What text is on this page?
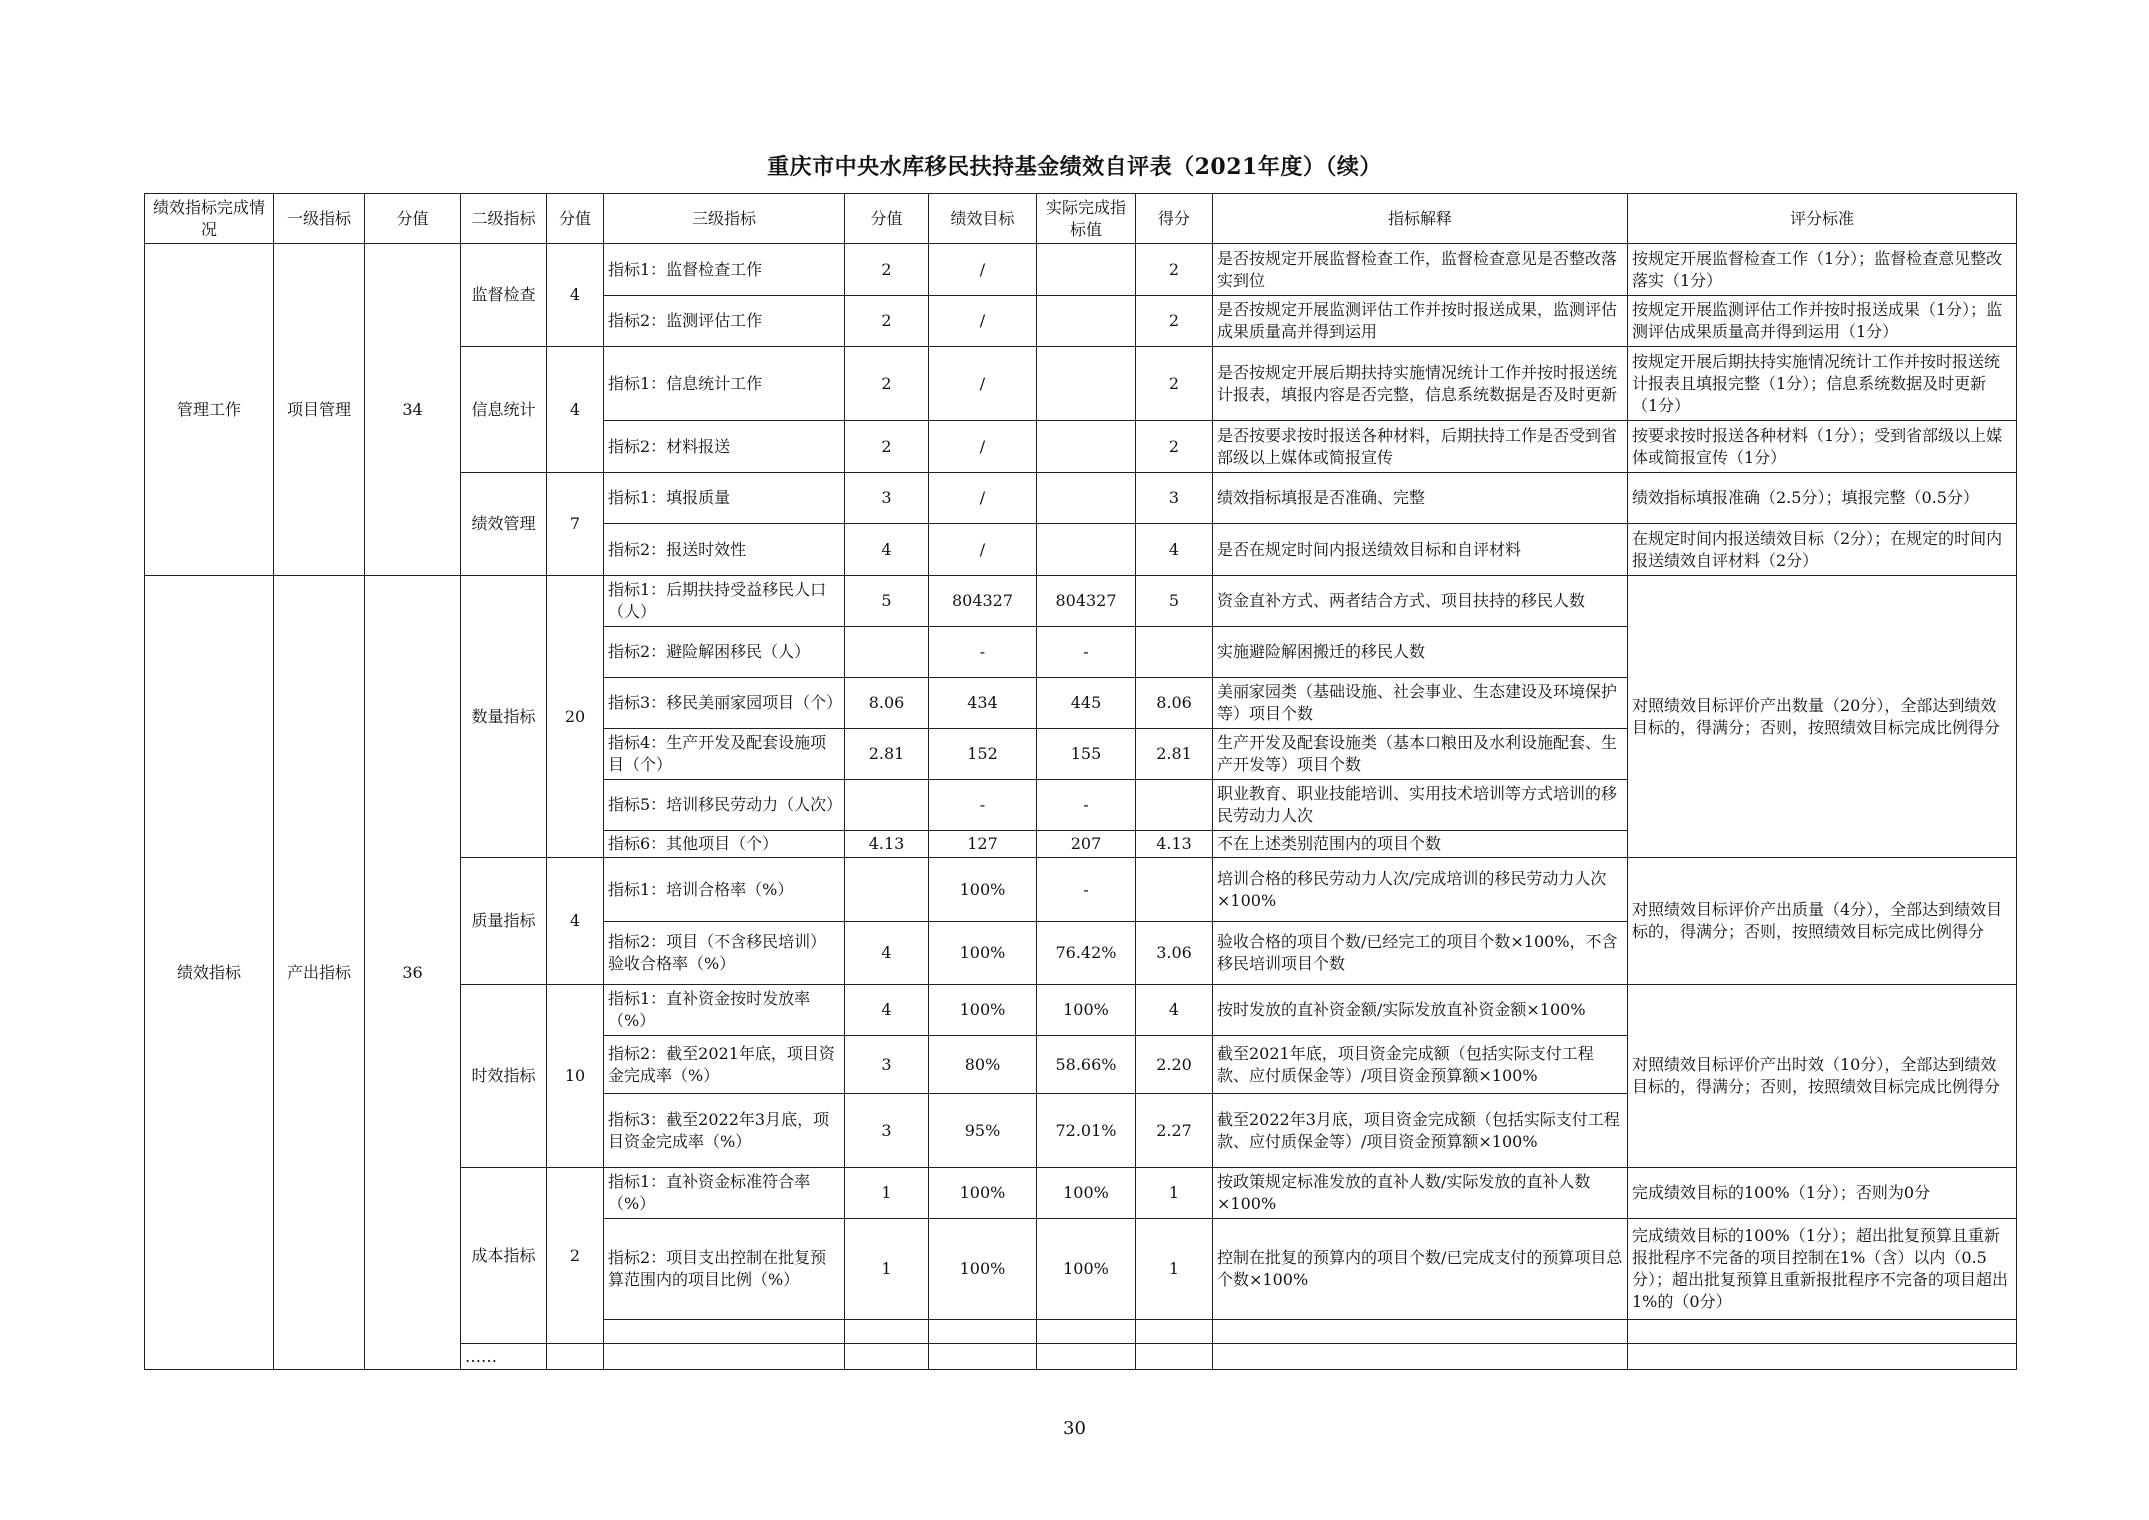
重庆市中央水库移民扶持基金绩效自评表（2021年度）（续）
绩效指标完成情况	一级指标	分值	二级指标	分值	三级指标	分值	绩效目标	实际完成指标值	得分	指标解释	评分标准
管理工作	项目管理	34	监督检查	4	指标1：监督检查工作	2	/		2	是否按规定开展监督检查工作，监督检查意见是否整改落实到位	按规定开展监督检查工作（1分）；监督检查意见整改落实（1分）
					指标2：监测评估工作	2	/		2	是否按规定开展监测评估工作并按时报送成果，监测评估成果质量高并得到运用	按规定开展监测评估工作并按时报送成果（1分）；监测评估成果质量高并得到运用（1分）
			信息统计	4	指标1：信息统计工作	2	/		2	是否按规定开展后期扶持实施情况统计工作并按时报送统计报表，填报内容是否完整，信息系统数据是否及时更新	按规定开展后期扶持实施情况统计工作并按时报送统计报表且填报完整（1分）；信息系统数据及时更新（1分）
					指标2：材料报送	2	/		2	是否按要求按时报送各种材料，后期扶持工作是否受到省部级以上媒体或简报宣传	按要求按时报送各种材料（1分）；受到省部级以上媒体或简报宣传（1分）
			绩效管理	7	指标1：填报质量	3	/		3	绩效指标填报是否准确、完整	绩效指标填报准确（2.5分）；填报完整（0.5分）
					指标2：报送时效性	4	/		4	是否在规定时间内报送绩效目标和自评材料	在规定时间内报送绩效目标（2分）；在规定的时间内报送绩效自评材料（2分）
绩效指标	产出指标	36	数量指标	20	指标1：后期扶持受益移民人口（人）	5	804327	804327	5	资金直补方式、两者结合方式、项目扶持的移民人数	对照绩效目标评价产出数量（20分），全部达到绩效目标的，得满分；否则，按照绩效目标完成比例得分
					指标2：避险解困移民（人）		-	-		实施避险解困搬迁的移民人数	
					指标3：移民美丽家园项目（个）	8.06	434	445	8.06	美丽家园类（基础设施、社会事业、生态建设及环境保护等）项目个数	
					指标4：生产开发及配套设施项目（个）	2.81	152	155	2.81	生产开发及配套设施类（基本口粮田及水利设施配套、生产开发等）项目个数	
					指标5：培训移民劳动力（人次）		-	-		职业教育、职业技能培训、实用技术培训等方式培训的移民劳动力人次	
					指标6：其他项目（个）	4.13	127	207	4.13	不在上述类别范围内的项目个数	
			质量指标	4	指标1：培训合格率（%）		100%	-		培训合格的移民劳动力人次/完成培训的移民劳动力人次×100%	对照绩效目标评价产出质量（4分），全部达到绩效目标的，得满分；否则，按照绩效目标完成比例得分
					指标2：项目（不含移民培训）验收合格率（%）	4	100%	76.42%	3.06	验收合格的项目个数/已经完工的项目个数×100%，不含移民培训项目个数	
			时效指标	10	指标1：直补资金按时发放率（%）	4	100%	100%	4	按时发放的直补资金额/实际发放直补资金额×100%	对照绩效目标评价产出时效（10分），全部达到绩效目标的，得满分；否则，按照绩效目标完成比例得分
					指标2：截至2021年底，项目资金完成率（%）	3	80%	58.66%	2.20	截至2021年底，项目资金完成额（包括实际支付工程款、应付质保金等）/项目资金预算额×100%	
					指标3：截至2022年3月底，项目资金完成率（%）	3	95%	72.01%	2.27	截至2022年3月底，项目资金完成额（包括实际支付工程款、应付质保金等）/项目资金预算额×100%	
			成本指标	2	指标1：直补资金标准符合率（%）	1	100%	100%	1	按政策规定标准发放的直补人数/实际发放的直补人数×100%	完成绩效目标的100%（1分）；否则为0分
					指标2：项目支出控制在批复预算范围内的项目比例（%）	1	100%	100%	1	控制在批复的预算内的项目个数/已完成支付的预算项目总个数×100%	完成绩效目标的100%（1分）；超出批复预算且重新报批程序不完备的项目控制在1%（含）以内（0.5分）；超出批复预算且重新报批程序不完备的项目超出1%的（0分）

			……								
30
